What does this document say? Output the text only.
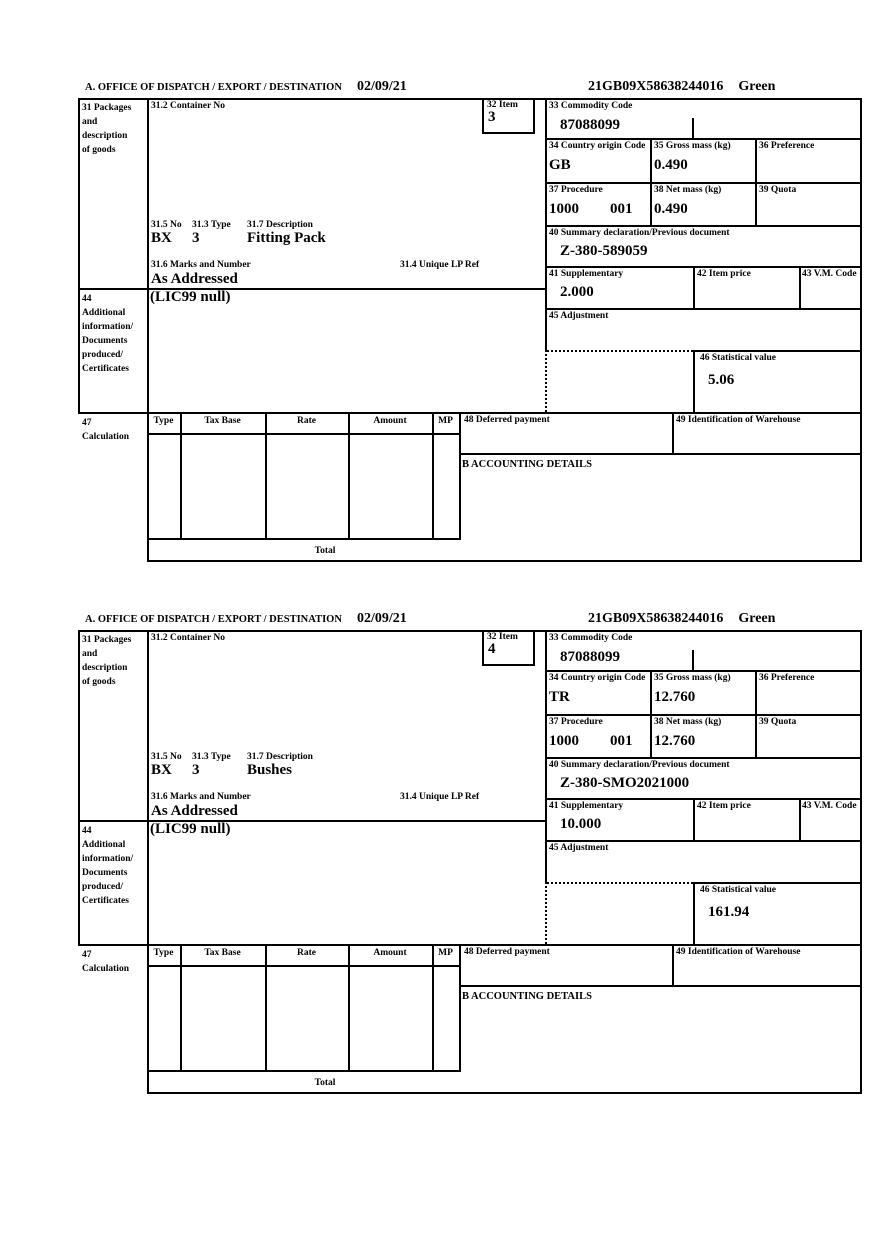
A. OFFICE OF DISPATCH / EXPORT / DESTINATION 02/09/21	21GB09X58638244016 Green
31 Packages
and
description
of goods
31.2 Container No	32 Item
3
33 Commodity Code
87088099
34 Country origin Code
GB
35 Gross mass (kg)
0.490
36 Preference
37 Procedure
1000 001
38 Net mass (kg)
0.490
39 Quota
40 Summary declaration/Previous document
Z-380-589059
41 Supplementary
2.000
42 Item price	43 V.M. Code
45 Adjustment
46 Statistical value
5.06
31.5 No 31.3 Type 31.7 Description
BX 3	Fitting Pack
31.6 Marks and Number	31.4 Unique LP Ref
As Addressed
44
Additional
information/
Documents
produced/
Certificates
(LIC99 null)
47
Calculation
Type	Tax Base	Rate	Amount	MP
Total
48 Deferred payment	49 Identification of Warehouse
B ACCOUNTING DETAILS
A. OFFICE OF DISPATCH / EXPORT / DESTINATION 02/09/21	21GB09X58638244016 Green
31 Packages
and
description
of goods
31.2 Container No	32 Item
4
33 Commodity Code
87088099
34 Country origin Code
TR
35 Gross mass (kg)
12.760
36 Preference
37 Procedure
1000 001
38 Net mass (kg)
12.760
39 Quota
40 Summary declaration/Previous document
Z-380-SMO2021000
41 Supplementary
10.000
42 Item price	43 V.M. Code
45 Adjustment
46 Statistical value
161.94
31.5 No 31.3 Type 31.7 Description
BX 3	Bushes
31.6 Marks and Number	31.4 Unique LP Ref
As Addressed
44
Additional
information/
Documents
produced/
Certificates
(LIC99 null)
47
Calculation
Type	Tax Base	Rate	Amount	MP
Total
48 Deferred payment	49 Identification of Warehouse
B ACCOUNTING DETAILS
